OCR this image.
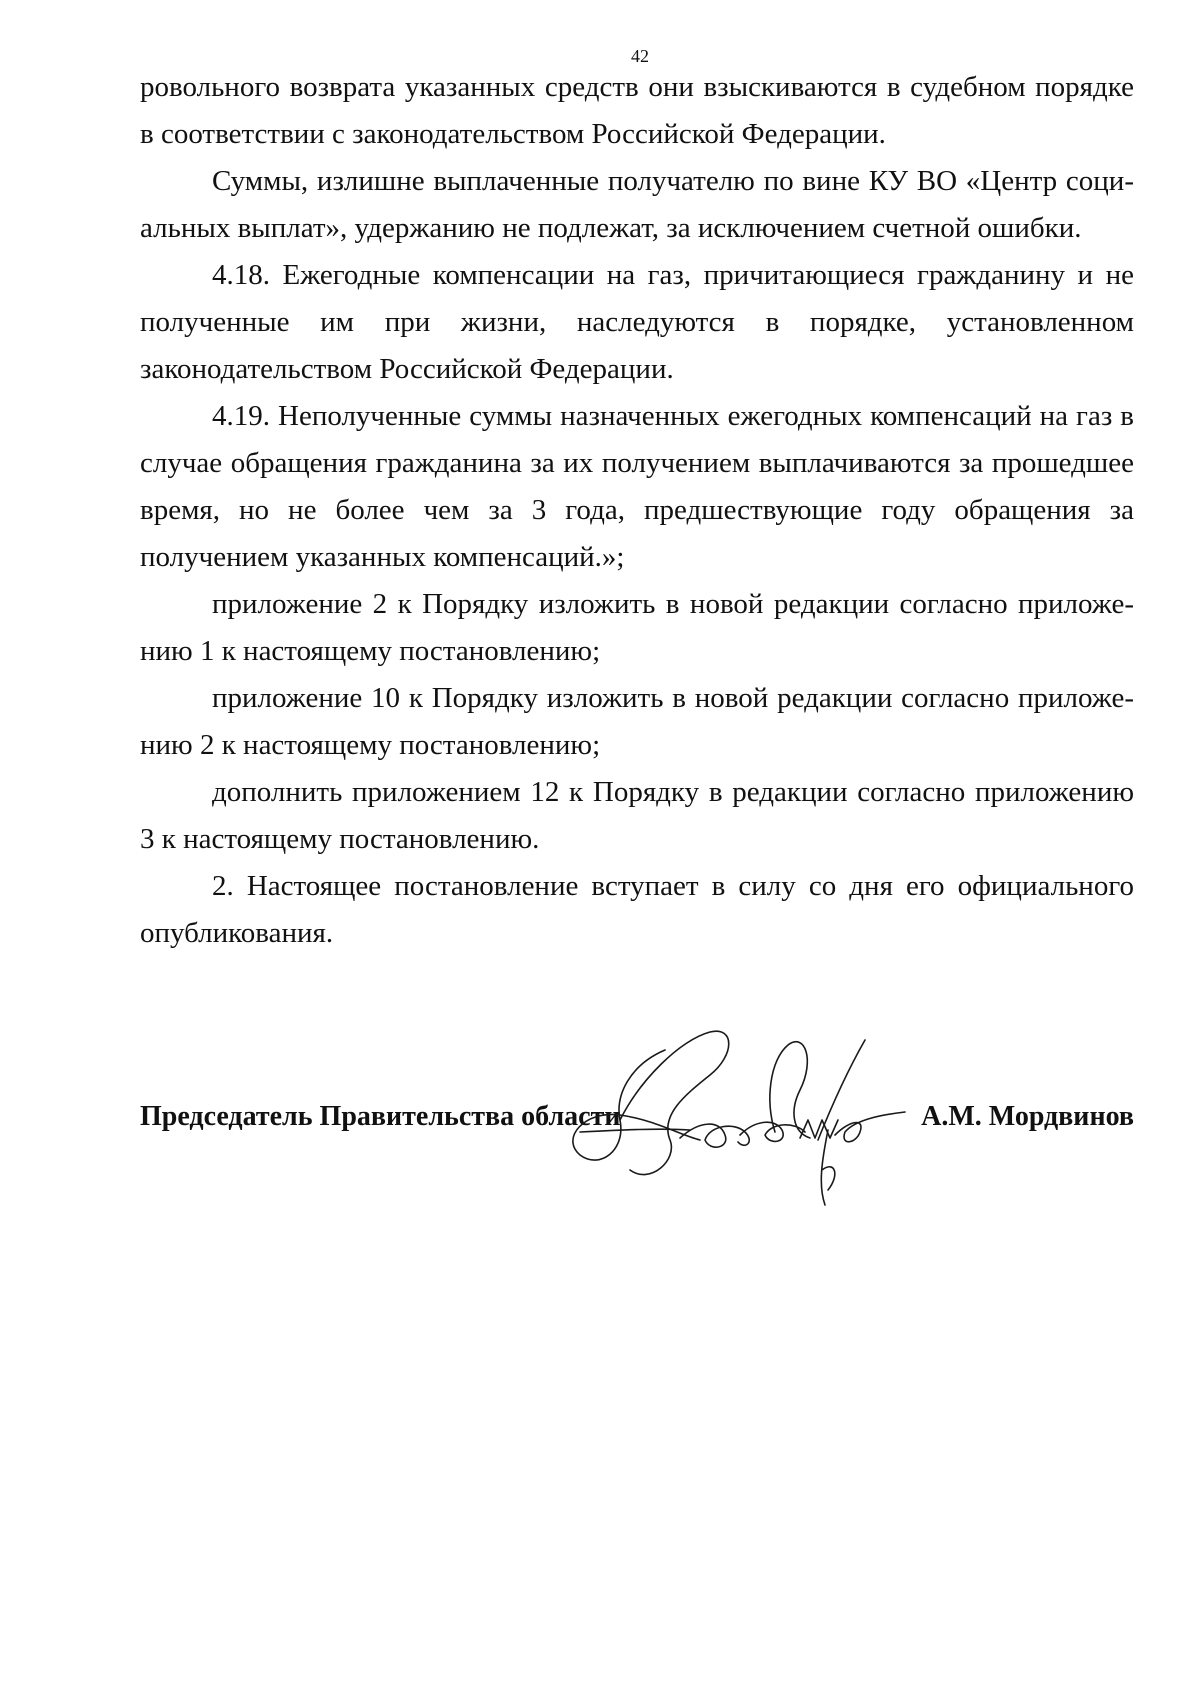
42

ровольного возврата указанных средств они взыскиваются в судебном порядке в соответствии с законодательством Российской Федерации.

Суммы, излишне выплаченные получателю по вине КУ ВО «Центр социальных выплат», удержанию не подлежат, за исключением счетной ошибки.

4.18. Ежегодные компенсации на газ, причитающиеся гражданину и не полученные им при жизни, наследуются в порядке, установленном законодательством Российской Федерации.

4.19. Неполученные суммы назначенных ежегодных компенсаций на газ в случае обращения гражданина за их получением выплачиваются за прошедшее время, но не более чем за 3 года, предшествующие году обращения за получением указанных компенсаций.»;

приложение 2 к Порядку изложить в новой редакции согласно приложению 1 к настоящему постановлению;

приложение 10 к Порядку изложить в новой редакции согласно приложению 2 к настоящему постановлению;

дополнить приложением 12 к Порядку в редакции согласно приложению 3 к настоящему постановлению.

2. Настоящее постановление вступает в силу со дня его официального опубликования.

Председатель Правительства области	А.М. Мордвинов
